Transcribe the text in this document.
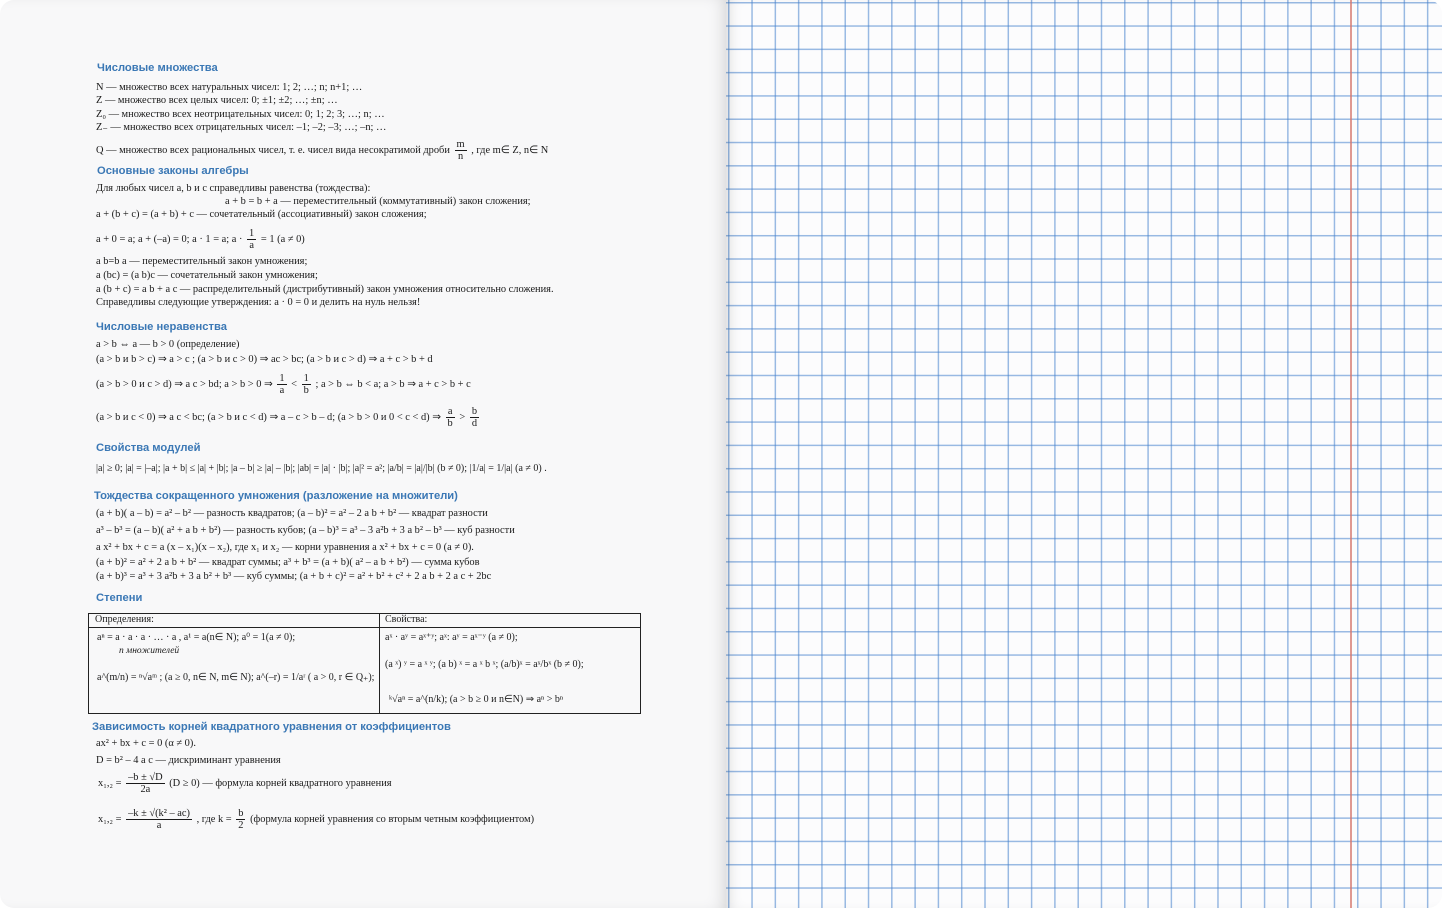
Числовые множества
N — множество всех натуральных чисел: 1; 2; …; n; n+1; …
Z — множество всех целых чисел: 0; ±1; ±2; …; ±n; …
Z₀ — множество всех неотрицательных чисел: 0; 1; 2; 3; …; n; …
Z₋ — множество всех отрицательных чисел: –1; –2; –3; …; –n; …
Q — множество всех рациональных чисел, т. е. чисел вида несократимой дроби $\frac{m}{n}$ , где m∈ Z, n∈ N
Основные законы алгебры
Для любых чисел a, b и c справедливы равенства (тождества):
a + b = b + a — переместительный (коммутативный) закон сложения;
a + (b + c) = (a + b) + c — сочетательный (ассоциативный) закон сложения;
a + 0 = a; a + (–a) = 0; a · 1 = a; $a \cdot \frac{1}{a} = 1$ (a ≠ 0)
a b=b a — переместительный закон умножения;
a (bc) = (a b)c — сочетательный закон умножения;
a (b + c) = a b + a c — распределительный (дистрибутивный) закон умножения относительно сложения.
Справедливы следующие утверждения: a · 0 = 0 и делить на нуль нельзя!
Числовые неравенства
a > b ⇔ a — b > 0 (определение)
(a > b и b > c) ⇒ a > c ; (a > b и c > 0) ⇒ ac > bc; (a > b и c > d) ⇒ a + c > b + d
(a > b > 0 и c > d) ⇒ a c > bd; a > b > 0 ⇒ $\frac{1}{a} < \frac{1}{b}$ ; a > b ⇔ b < a; a > b ⇒ a + c > b + c
(a > b и c < 0) ⇒ a c < bc; (a > b и c < d) ⇒ a – c > b – d; (a > b > 0 и 0 < c < d) ⇒ $\frac{a}{b} > \frac{b}{d}$
Свойства модулей
|a| ≥ 0; |a| = |–a|; |a + b| ≤ |a| + |b|; |a – b| ≥ |a| – |b|; |ab| = |a| · |b|; |a|² = a²; |a/b| = |a|/|b| (b ≠ 0); |1/a| = 1/|a| (a ≠ 0) .
Тождества сокращенного умножения (разложение на множители)
(a + b)( a – b) = a² – b² — разность квадратов; (a – b)² = a² – 2 a b + b² — квадрат разности
a³ – b³ = (a – b)( a² + a b + b²) — разность кубов; (a – b)³ = a³ – 3 a²b + 3 a b² – b³ — куб разности
a x² + bx + c = a (x – x₁)(x – x₂), где x₁ и x₂ — корни уравнения a x² + bx + c = 0 (a ≠ 0).
(a + b)² = a² + 2 a b + b² — квадрат суммы; a³ + b³ = (a + b)( a² – a b + b²) — сумма кубов
(a + b)³ = a³ + 3 a²b + 3 a b² + b³ — куб суммы; (a + b + c)² = a² + b² + c² + 2 a b + 2 a c + 2bc
Степени
Определения:	Свойства:
aⁿ = a · a · a · … · a , a¹ = a(n∈ N); a⁰ = 1(a ≠ 0);
n множителей
a^(m/n) = ⁿ√aᵐ ; (a ≥ 0, n∈ N, m∈ N); a^(–r) = 1/aʳ ( a > 0, r ∈ Q₊);
aˣ · aʸ = aˣ⁺ʸ; aˣ: aʸ = aˣ⁻ʸ (a ≠ 0);
(a ˣ) ʸ = a ˣ ʸ; (a b) ˣ = a ˣ b ˣ; (a/b)ˣ = aˣ/bˣ (b ≠ 0);
ᵏ√aⁿ = a^(n/k); (a > b ≥ 0 и n∈N) ⇒ aⁿ > bⁿ
Зависимость корней квадратного уравнения от коэффициентов
ax² + bx + c = 0 (α ≠ 0).
D = b² – 4 a c — дискриминант уравнения
$x_1,_2 = \frac{-b \pm √D}{2a} (D \ge 0)$ — формула корней квадратного уравнения
$x_1,_2 = \frac{\text{–k ± √(k² – ac)}}{a}$ , где $k = \frac{b}{2}$ (формула корней уравнения со вторым четным коэффициентом)
